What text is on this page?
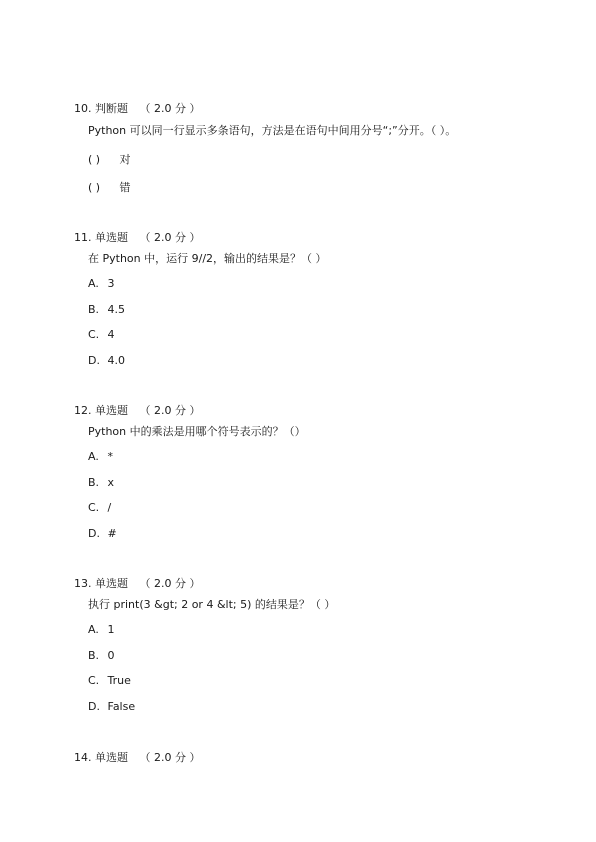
10. 判断题 （ 2.0 分 ）
Python 可以同一行显示多条语句，方法是在语句中间用分号“;”分开。（ ）。
( ) 对
( ) 错
11. 单选题 （ 2.0 分 ）
在 Python 中，运行 9//2，输出的结果是？（ ）
A. 3
B. 4.5
C. 4
D. 4.0
12. 单选题 （ 2.0 分 ）
Python 中的乘法是用哪个符号表示的？（）
A. *
B. x
C. /
D. #
13. 单选题 （ 2.0 分 ）
执行 print(3 &gt; 2 or 4 &lt; 5) 的结果是？（ ）
A. 1
B. 0
C. True
D. False
14. 单选题 （ 2.0 分 ）
